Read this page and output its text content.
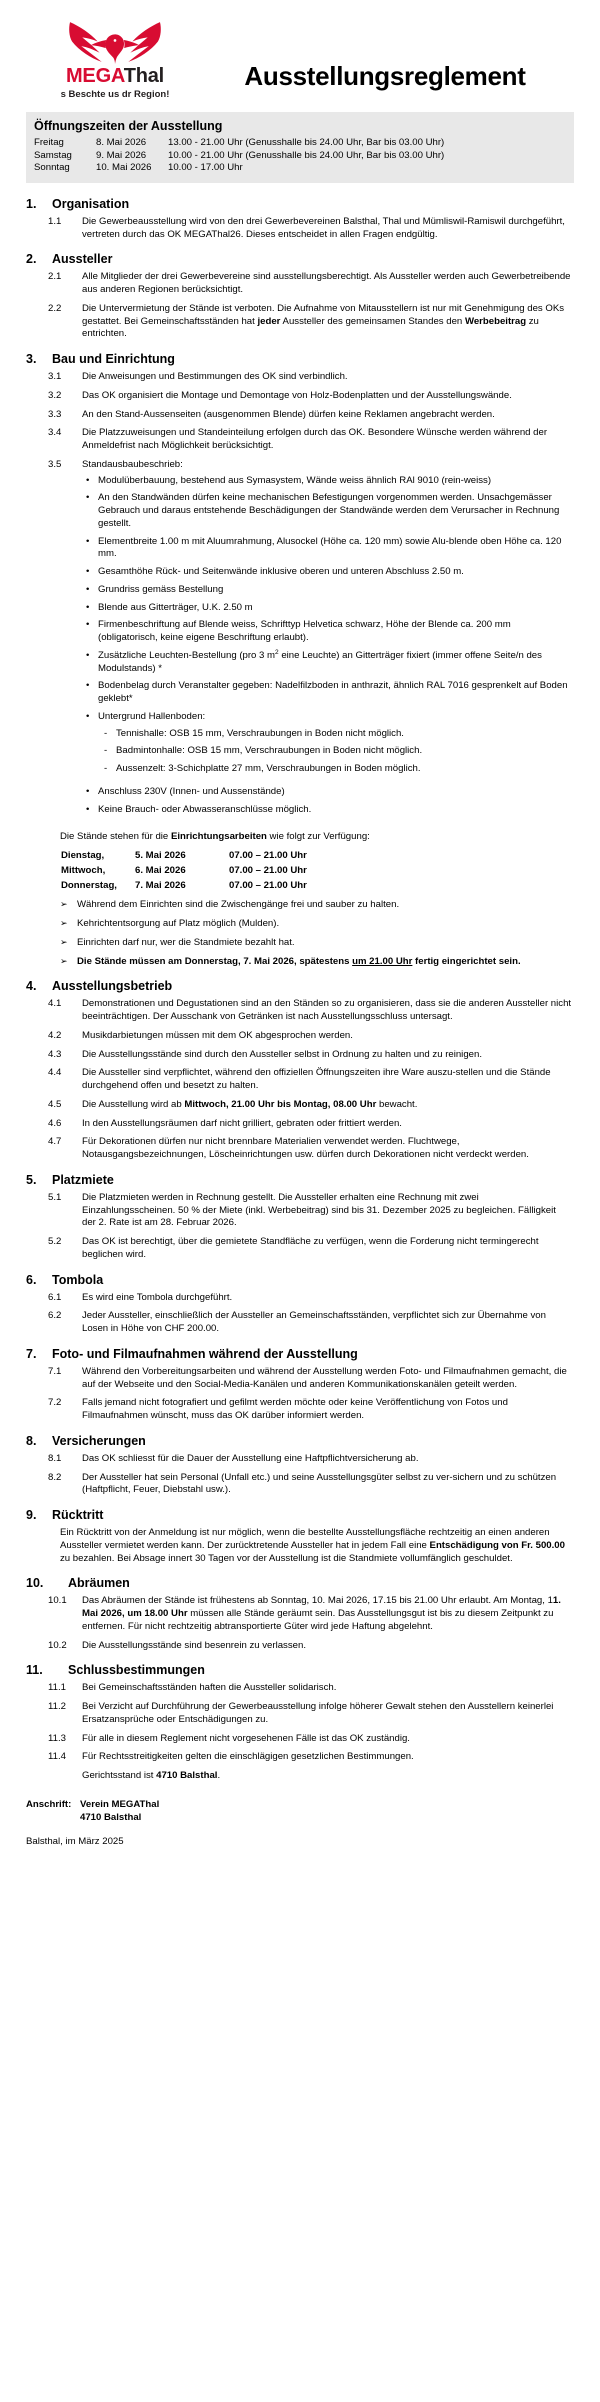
MEGAThal
s Beschte us dr Region!
Ausstellungsreglement
Öffnungszeiten der Ausstellung
Freitag	8. Mai 2026	13.00 - 21.00 Uhr (Genusshalle bis 24.00 Uhr, Bar bis 03.00 Uhr)
Samstag	9. Mai 2026	10.00 - 21.00 Uhr (Genusshalle bis 24.00 Uhr, Bar bis 03.00 Uhr)
Sonntag	10. Mai 2026	10.00 - 17.00 Uhr
1.	Organisation
1.1	Die Gewerbeausstellung wird von den drei Gewerbevereinen Balsthal, Thal und Mümliswil-Ramiswil durchgeführt, vertreten durch das OK MEGAThal26. Dieses entscheidet in allen Fragen endgültig.
2.	Aussteller
2.1	Alle Mitglieder der drei Gewerbevereine sind ausstellungsberechtigt. Als Aussteller werden auch Gewerbetreibende aus anderen Regionen berücksichtigt.
2.2	Die Untervermietung der Stände ist verboten. Die Aufnahme von Mitausstellern ist nur mit Genehmigung des OKs gestattet. Bei Gemeinschaftsständen hat jeder Aussteller des gemeinsamen Standes den Werbebeitrag zu entrichten.
3.	Bau und Einrichtung
3.1	Die Anweisungen und Bestimmungen des OK sind verbindlich.
3.2	Das OK organisiert die Montage und Demontage von Holz-Bodenplatten und der Ausstellungswände.
3.3	An den Stand-Aussenseiten (ausgenommen Blende) dürfen keine Reklamen angebracht werden.
3.4	Die Platzzuweisungen und Standeinteilung erfolgen durch das OK. Besondere Wünsche werden während der Anmeldefrist nach Möglichkeit berücksichtigt.
3.5	Standausbaubeschrieb:
• Modulüberbauung, bestehend aus Symasystem, Wände weiss ähnlich RAl 9010 (rein-weiss)
• An den Standwänden dürfen keine mechanischen Befestigungen vorgenommen werden. Unsachgemässer Gebrauch und daraus entstehende Beschädigungen der Standwände werden dem Verursacher in Rechnung gestellt.
• Elementbreite 1.00 m mit Aluumrahmung, Alusockel (Höhe ca. 120 mm) sowie Alu-blende oben Höhe ca. 120 mm.
• Gesamthöhe Rück- und Seitenwände inklusive oberen und unteren Abschluss 2.50 m.
• Grundriss gemäss Bestellung
• Blende aus Gitterträger, U.K. 2.50 m
• Firmenbeschriftung auf Blende weiss, Schrifttyp Helvetica schwarz, Höhe der Blende ca. 200 mm (obligatorisch, keine eigene Beschriftung erlaubt).
• Zusätzliche Leuchten-Bestellung (pro 3 $m^2$ eine Leuchte) an Gitterträger fixiert (immer offene Seite/n des Modulstands) *
• Bodenbelag durch Veranstalter gegeben: Nadelfilzboden in anthrazit, ähnlich RAL 7016 gesprenkelt auf Boden geklebt*
• Untergrund Hallenboden:
- Tennishalle: OSB 15 mm, Verschraubungen in Boden nicht möglich.
- Badmintonhalle: OSB 15 mm, Verschraubungen in Boden nicht möglich.
- Aussenzelt: 3-Schichplatte 27 mm, Verschraubungen in Boden möglich.
• Anschluss 230V (Innen- und Aussenstände)
• Keine Brauch- oder Abwasseranschlüsse möglich.
Die Stände stehen für die Einrichtungsarbeiten wie folgt zur Verfügung:
Dienstag,	5. Mai 2026	07.00 – 21.00 Uhr
Mittwoch,	6. Mai 2026	07.00 – 21.00 Uhr
Donnerstag,	7. Mai 2026	07.00 – 21.00 Uhr
➢ Während dem Einrichten sind die Zwischengänge frei und sauber zu halten.
➢ Kehrichtentsorgung auf Platz möglich (Mulden).
➢ Einrichten darf nur, wer die Standmiete bezahlt hat.
➢ Die Stände müssen am Donnerstag, 7. Mai 2026, spätestens um 21.00 Uhr fertig eingerichtet sein.
4.	Ausstellungsbetrieb
4.1	Demonstrationen und Degustationen sind an den Ständen so zu organisieren, dass sie die anderen Aussteller nicht beeinträchtigen. Der Ausschank von Getränken ist nach Ausstellungsschluss untersagt.
4.2	Musikdarbietungen müssen mit dem OK abgesprochen werden.
4.3	Die Ausstellungsstände sind durch den Aussteller selbst in Ordnung zu halten und zu reinigen.
4.4	Die Aussteller sind verpflichtet, während den offiziellen Öffnungszeiten ihre Ware auszu-stellen und die Stände durchgehend offen und besetzt zu halten.
4.5	Die Ausstellung wird ab Mittwoch, 21.00 Uhr bis Montag, 08.00 Uhr bewacht.
4.6	In den Ausstellungsräumen darf nicht grilliert, gebraten oder frittiert werden.
4.7	Für Dekorationen dürfen nur nicht brennbare Materialien verwendet werden. Fluchtwege, Notausgangsbezeichnungen, Löscheinrichtungen usw. dürfen durch Dekorationen nicht verdeckt werden.
5.	Platzmiete
5.1	Die Platzmieten werden in Rechnung gestellt. Die Aussteller erhalten eine Rechnung mit zwei Einzahlungsscheinen. 50 % der Miete (inkl. Werbebeitrag) sind bis 31. Dezember 2025 zu begleichen. Fälligkeit der 2. Rate ist am 28. Februar 2026.
5.2	Das OK ist berechtigt, über die gemietete Standfläche zu verfügen, wenn die Forderung nicht termingerecht beglichen wird.
6.	Tombola
6.1	Es wird eine Tombola durchgeführt.
6.2	Jeder Aussteller, einschließlich der Aussteller an Gemeinschaftsständen, verpflichtet sich zur Übernahme von Losen in Höhe von CHF 200.00.
7.	Foto- und Filmaufnahmen während der Ausstellung
7.1	Während den Vorbereitungsarbeiten und während der Ausstellung werden Foto- und Filmaufnahmen gemacht, die auf der Webseite und den Social-Media-Kanälen und anderen Kommunikationskanälen geteilt werden.
7.2	Falls jemand nicht fotografiert und gefilmt werden möchte oder keine Veröffentlichung von Fotos und Filmaufnahmen wünscht, muss das OK darüber informiert werden.
8.	Versicherungen
8.1	Das OK schliesst für die Dauer der Ausstellung eine Haftpflichtversicherung ab.
8.2	Der Aussteller hat sein Personal (Unfall etc.) und seine Ausstellungsgüter selbst zu ver-sichern und zu schützen (Haftpflicht, Feuer, Diebstahl usw.).
9.	Rücktritt
Ein Rücktritt von der Anmeldung ist nur möglich, wenn die bestellte Ausstellungsfläche rechtzeitig an einen anderen Aussteller vermietet werden kann. Der zurücktretende Aussteller hat in jedem Fall eine Entschädigung von Fr. 500.00 zu bezahlen. Bei Absage innert 30 Tagen vor der Ausstellung ist die Standmiete vollumfänglich geschuldet.
10.	Abräumen
10.1	Das Abräumen der Stände ist frühestens ab Sonntag, 10. Mai 2026, 17.15 bis 21.00 Uhr erlaubt. Am Montag, 11. Mai 2026, um 18.00 Uhr müssen alle Stände geräumt sein. Das Ausstellungsgut ist bis zu diesem Zeitpunkt zu entfernen. Für nicht rechtzeitig abtransportierte Güter wird jede Haftung abgelehnt.
10.2	Die Ausstellungsstände sind besenrein zu verlassen.
11.	Schlussbestimmungen
11.1	Bei Gemeinschaftsständen haften die Aussteller solidarisch.
11.2	Bei Verzicht auf Durchführung der Gewerbeausstellung infolge höherer Gewalt stehen den Ausstellern keinerlei Ersatzansprüche oder Entschädigungen zu.
11.3	Für alle in diesem Reglement nicht vorgesehenen Fälle ist das OK zuständig.
11.4	Für Rechtsstreitigkeiten gelten die einschlägigen gesetzlichen Bestimmungen.
Gerichtsstand ist 4710 Balsthal.
Anschrift: Verein MEGAThal
4710 Balsthal
Balsthal, im März 2025
